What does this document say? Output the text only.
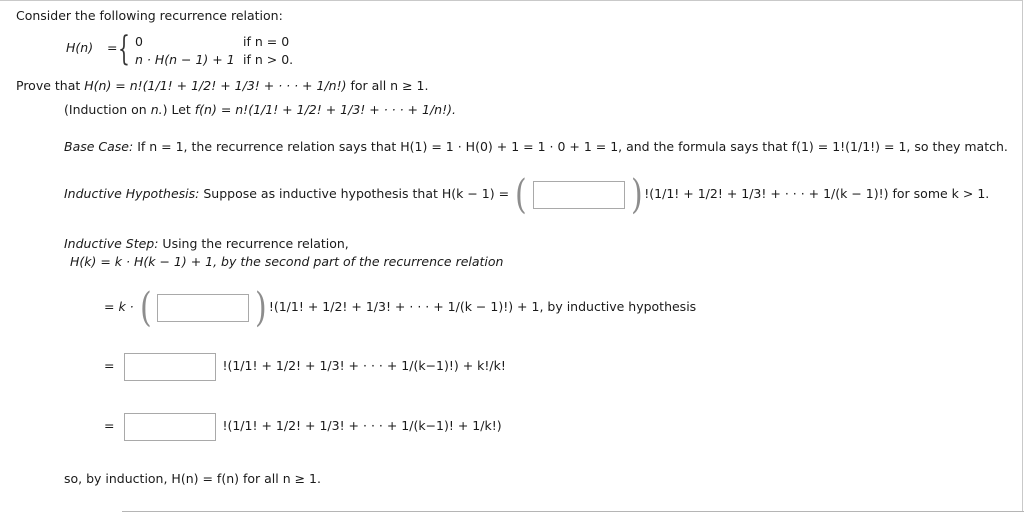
Consider the following recurrence relation:
H(n) = { 0	if n = 0
n · H(n − 1) + 1 if n > 0.
Prove that H(n) = n!(1/1! + 1/2! + 1/3! + · · · + 1/n!) for all n ≥ 1.
(Induction on n.) Let f(n) = n!(1/1! + 1/2! + 1/3! + · · · + 1/n!).
Base Case: If n = 1, the recurrence relation says that H(1) = 1 · H(0) + 1 = 1 · 0 + 1 = 1, and the formula says that f(1) = 1!(1/1!) = 1, so they match.
Inductive Hypothesis: Suppose as inductive hypothesis that H(k − 1) = (	) !(1/1! + 1/2! + 1/3! + · · · + 1/(k − 1)!) for some k > 1.
Inductive Step: Using the recurrence relation,
H(k) = k · H(k − 1) + 1, by the second part of the recurrence relation
= k · (	) !(1/1! + 1/2! + 1/3! + · · · + 1/(k − 1)!) + 1, by inductive hypothesis
=	!(1/1! + 1/2! + 1/3! + · · · + 1/(k−1)!) + k!/k!
=	!(1/1! + 1/2! + 1/3! + · · · + 1/(k−1)! + 1/k!)
so, by induction, H(n) = f(n) for all n ≥ 1.
